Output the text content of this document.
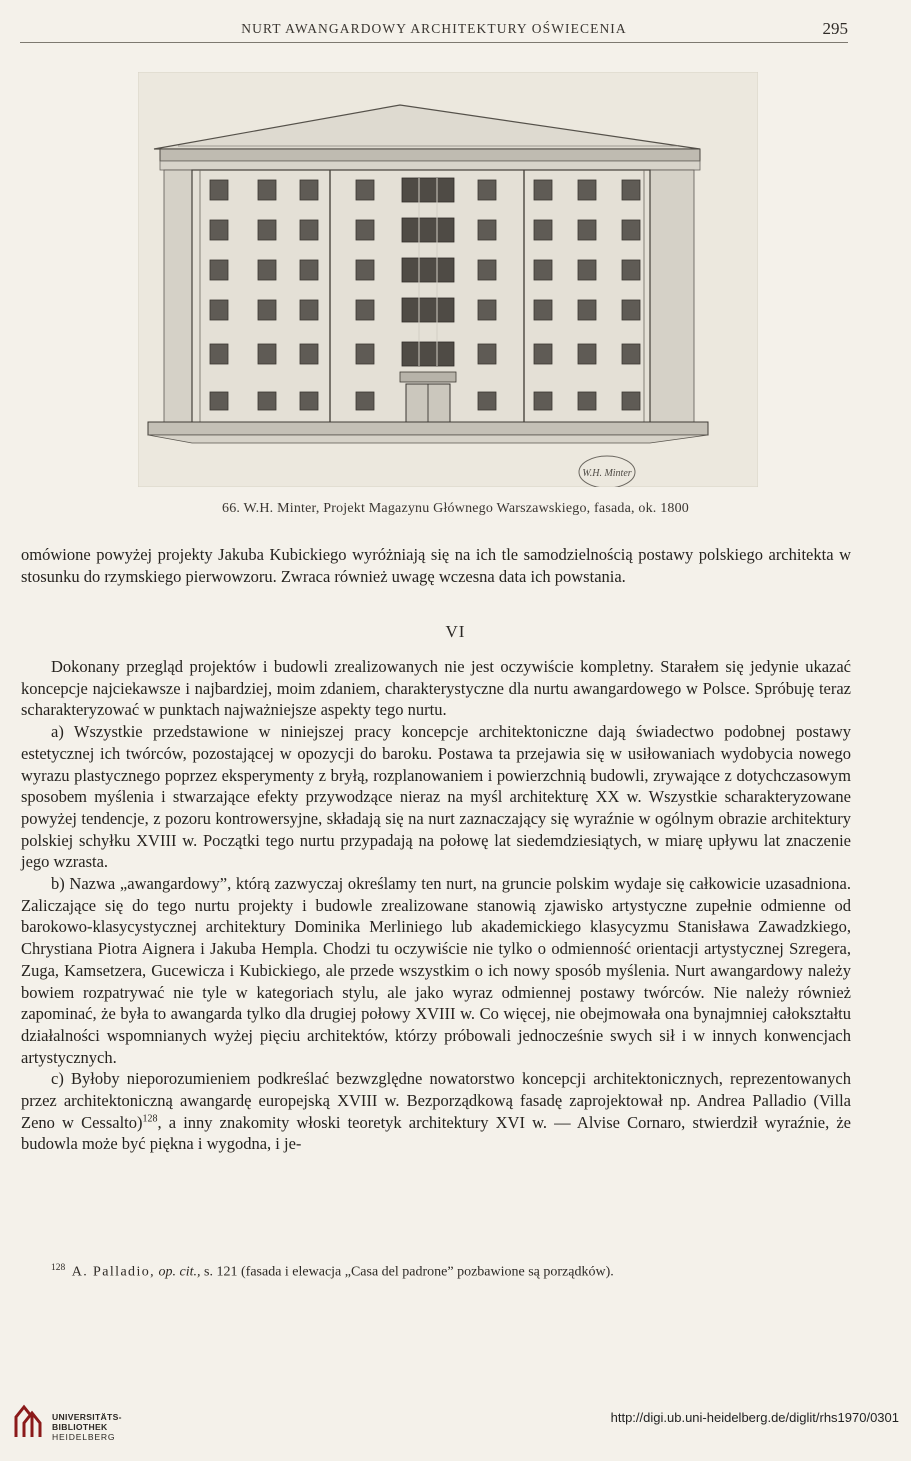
NURT AWANGARDOWY ARCHITEKTURY OŚWIECENIA	295
W.H. Minter
66. W.H. Minter, Projekt Magazynu Głównego Warszawskiego, fasada, ok. 1800

omówione powyżej projekty Jakuba Kubickiego wyróżniają się na ich tle samodzielnością postawy polskiego architekta w stosunku do rzymskiego pierwowzoru. Zwraca również uwagę wczesna data ich powstania.

VI

Dokonany przegląd projektów i budowli zrealizowanych nie jest oczywiście kompletny. Starałem się jedynie ukazać koncepcje najciekawsze i najbardziej, moim zdaniem, charakterystyczne dla nurtu awangardowego w Polsce. Spróbuję teraz scharakteryzować w punktach najważniejsze aspekty tego nurtu.

a) Wszystkie przedstawione w niniejszej pracy koncepcje architektoniczne dają świadectwo podobnej postawy estetycznej ich twórców, pozostającej w opozycji do baroku. Postawa ta przejawia się w usiłowaniach wydobycia nowego wyrazu plastycznego poprzez eksperymenty z bryłą, rozplanowaniem i powierzchnią budowli, zrywające z dotychczasowym sposobem myślenia i stwarzające efekty przywodzące nieraz na myśl architekturę XX w. Wszystkie scharakteryzowane powyżej tendencje, z pozoru kontrowersyjne, składają się na nurt zaznaczający się wyraźnie w ogólnym obrazie architektury polskiej schyłku XVIII w. Początki tego nurtu przypadają na połowę lat siedemdziesiątych, w miarę upływu lat znaczenie jego wzrasta.

b) Nazwa „awangardowy”, którą zazwyczaj określamy ten nurt, na gruncie polskim wydaje się całkowicie uzasadniona. Zaliczające się do tego nurtu projekty i budowle zrealizowane stanowią zjawisko artystyczne zupełnie odmienne od barokowo-klasycystycznej architektury Dominika Merliniego lub akademickiego klasycyzmu Stanisława Zawadzkiego, Chrystiana Piotra Aignera i Jakuba Hempla. Chodzi tu oczywiście nie tylko o odmienność orientacji artystycznej Szregera, Zuga, Kamsetzera, Gucewicza i Kubickiego, ale przede wszystkim o ich nowy sposób myślenia. Nurt awangardowy należy bowiem rozpatrywać nie tyle w kategoriach stylu, ale jako wyraz odmiennej postawy twórców. Nie należy również zapominać, że była to awangarda tylko dla drugiej połowy XVIII w. Co więcej, nie obejmowała ona bynajmniej całokształtu działalności wspomnianych wyżej pięciu architektów, którzy próbowali jednocześnie swych sił i w innych konwencjach artystycznych.

c) Byłoby nieporozumieniem podkreślać bezwzględne nowatorstwo koncepcji architektonicznych, reprezentowanych przez architektoniczną awangardę europejską XVIII w. Bezporządkową fasadę zaprojektował np. Andrea Palladio (Villa Zeno w Cessalto)$^{128}$, a inny znakomity włoski teoretyk architektury XVI w. — Alvise Cornaro, stwierdził wyraźnie, że budowla może być piękna i wygodna, i je-

$^{128}$ A. Palladio, op. cit., s. 121 (fasada i elewacja „Casa del padrone” pozbawione są porządków).
UNIVERSITÄTS-
BIBLIOTHEK
HEIDELBERG
http://digi.ub.uni-heidelberg.de/diglit/rhs1970/0301
